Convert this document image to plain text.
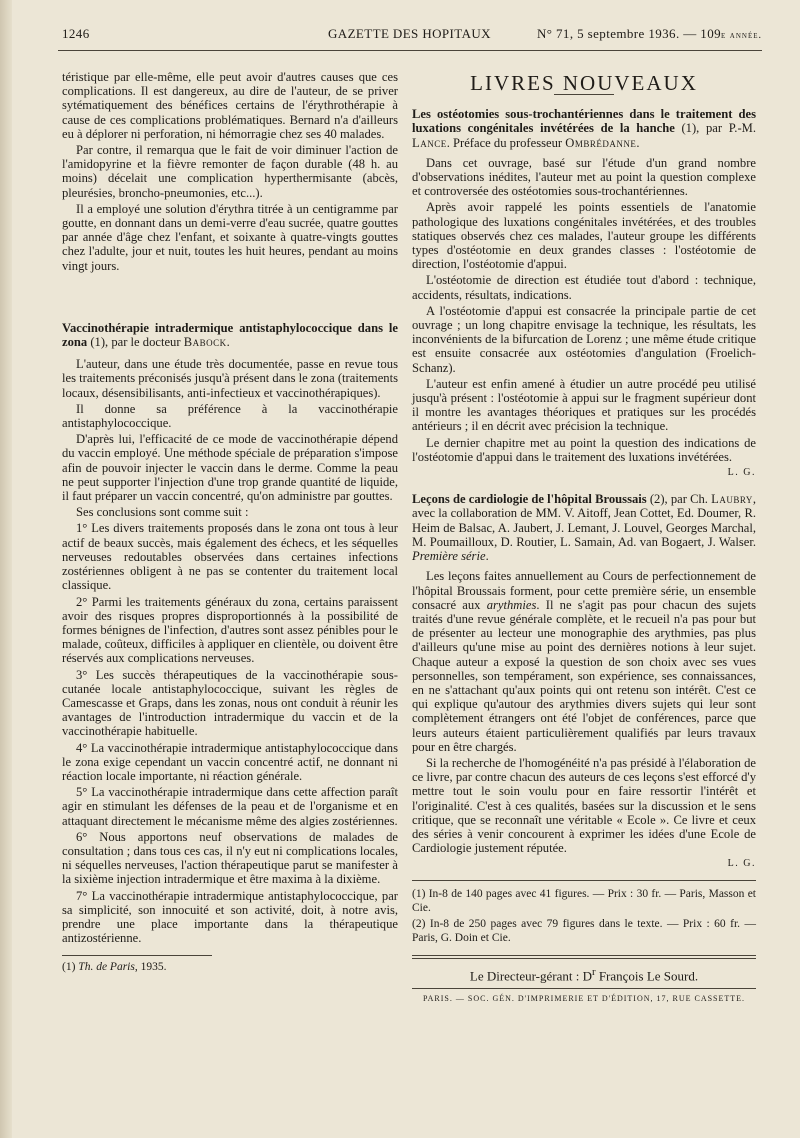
1246	GAZETTE DES HOPITAUX	N° 71, 5 septembre 1936. — 109e année.

téristique par elle-même, elle peut avoir d'autres causes que ces complications. Il est dangereux, au dire de l'auteur, de se priver sytématiquement des bénéfices certains de l'érythrothérapie à cause de ces complications problématiques. Bernard n'a d'ailleurs eu à déplorer ni perforation, ni hémorragie chez ses 40 malades.

Par contre, il remarqua que le fait de voir diminuer l'action de l'amidopyrine et la fièvre remonter de façon durable (48 h. au moins) décelait une complication hyperthermisante (abcès, pleurésies, broncho-pneumonies, etc...).

Il a employé une solution d'érythra titrée à un centigramme par goutte, en donnant dans un demi-verre d'eau sucrée, quatre gouttes par année d'âge chez l'enfant, et soixante à quatre-vingts gouttes chez l'adulte, jour et nuit, toutes les huit heures, pendant au moins vingt jours.

Vaccinothérapie intradermique antistaphylococcique dans le zona (1), par le docteur Babock.

L'auteur, dans une étude très documentée, passe en revue tous les traitements préconisés jusqu'à présent dans le zona (traitements locaux, désensibilisants, anti-infectieux et vaccinothérapiques).

Il donne sa préférence à la vaccinothérapie antistaphylococcique.

D'après lui, l'efficacité de ce mode de vaccinothérapie dépend du vaccin employé. Une méthode spéciale de préparation s'impose afin de pouvoir injecter le vaccin dans le derme. Comme la peau ne peut supporter l'injection d'une trop grande quantité de liquide, il faut préparer un vaccin concentré, qu'on administre par gouttes.

Ses conclusions sont comme suit :

1° Les divers traitements proposés dans le zona ont tous à leur actif de beaux succès, mais également des échecs, et les séquelles nerveuses redoutables observées dans certaines infections zostériennes obligent à ne pas se contenter du traitement local classique.

2° Parmi les traitements généraux du zona, certains paraissent avoir des risques propres disproportionnés à la possibilité de formes bénignes de l'infection, d'autres sont assez pénibles pour le malade, coûteux, difficiles à appliquer en clientèle, ou doivent être réservés aux complications nerveuses.

3° Les succès thérapeutiques de la vaccinothérapie sous-cutanée locale antistaphylococcique, suivant les règles de Camescasse et Graps, dans les zonas, nous ont conduit à réunir les avantages de l'introduction intradermique du vaccin et de la vaccinothérapie habituelle.

4° La vaccinothérapie intradermique antistaphylococcique dans le zona exige cependant un vaccin concentré actif, ne donnant ni réaction locale importante, ni réaction générale.

5° La vaccinothérapie intradermique dans cette affection paraît agir en stimulant les défenses de la peau et de l'organisme et en attaquant directement le mécanisme même des algies zostériennes.

6° Nous apportons neuf observations de malades de consultation ; dans tous ces cas, il n'y eut ni complications locales, ni séquelles nerveuses, l'action thérapeutique parut se manifester à la sixième injection intradermique et être maxima à la dixième.

7° La vaccinothérapie intradermique antistaphylococcique, par sa simplicité, son innocuité et son activité, doit, à notre avis, prendre une place importante dans la thérapeutique antizostérienne.

(1) Th. de Paris, 1935.

LIVRES NOUVEAUX

Les ostéotomies sous-trochantériennes dans le traitement des luxations congénitales invétérées de la hanche (1), par P.-M. Lance. Préface du professeur Ombrédanne.

Dans cet ouvrage, basé sur l'étude d'un grand nombre d'observations inédites, l'auteur met au point la question complexe et controversée des ostéotomies sous-trochantériennes.

Après avoir rappelé les points essentiels de l'anatomie pathologique des luxations congénitales invétérées, et des troubles statiques observés chez ces malades, l'auteur groupe les différents types d'ostéotomie en deux grandes classes : l'ostéotomie de direction, l'ostéotomie d'appui.

L'ostéotomie de direction est étudiée tout d'abord : technique, accidents, résultats, indications.

A l'ostéotomie d'appui est consacrée la principale partie de cet ouvrage ; un long chapitre envisage la technique, les résultats, les inconvénients de la bifurcation de Lorenz ; une même étude critique est ensuite consacrée aux ostéotomies d'angulation (Froelich-Schanz).

L'auteur est enfin amené à étudier un autre procédé peu utilisé jusqu'à présent : l'ostéotomie à appui sur le fragment supérieur dont il montre les avantages théoriques et pratiques sur les procédés antérieurs ; il en décrit avec précision la technique.

Le dernier chapitre met au point la question des indications de l'ostéotomie d'appui dans le traitement des luxations invétérées.

L. G.

Leçons de cardiologie de l'hôpital Broussais (2), par Ch. Laubry, avec la collaboration de MM. V. Aitoff, Jean Cottet, Ed. Doumer, R. Heim de Balsac, A. Jaubert, J. Lemant, J. Louvel, Georges Marchal, M. Poumailloux, D. Routier, L. Samain, Ad. van Bogaert, J. Walser. Première série.

Les leçons faites annuellement au Cours de perfectionnement de l'hôpital Broussais forment, pour cette première série, un ensemble consacré aux arythmies. Il ne s'agit pas pour chacun des sujets traités d'une revue générale complète, et le recueil n'a pas pour but de présenter au lecteur une monographie des arythmies, pas plus d'ailleurs qu'une mise au point des dernières notions à leur sujet. Chaque auteur a exposé la question de son choix avec ses vues personnelles, son tempérament, son expérience, ses connaissances, en ne s'attachant qu'aux points qui ont retenu son intérêt. C'est ce qui explique qu'autour des arythmies divers sujets qui leur sont complètement étrangers ont été l'objet de conférences, parce que leurs auteurs étaient particulièrement qualifiés par leurs travaux pour en être chargés.

Si la recherche de l'homogénéité n'a pas présidé à l'élaboration de ce livre, par contre chacun des auteurs de ces leçons s'est efforcé d'y mettre tout le soin voulu pour en faire ressortir l'intérêt et l'originalité. C'est à ces qualités, basées sur la discussion et le sens critique, que se reconnaît une véritable « Ecole ». Ce livre et ceux des séries à venir concourent à exprimer les idées d'une Ecole de Cardiologie justement réputée.

L. G.

(1) In-8 de 140 pages avec 41 figures. — Prix : 30 fr. — Paris, Masson et Cie.

(2) In-8 de 250 pages avec 79 figures dans le texte. — Prix : 60 fr. — Paris, G. Doin et Cie.

Le Directeur-gérant : $D^r$ François Le Sourd.

PARIS. — SOC. GÉN. D'IMPRIMERIE ET D'ÉDITION, 17, RUE CASSETTE.
